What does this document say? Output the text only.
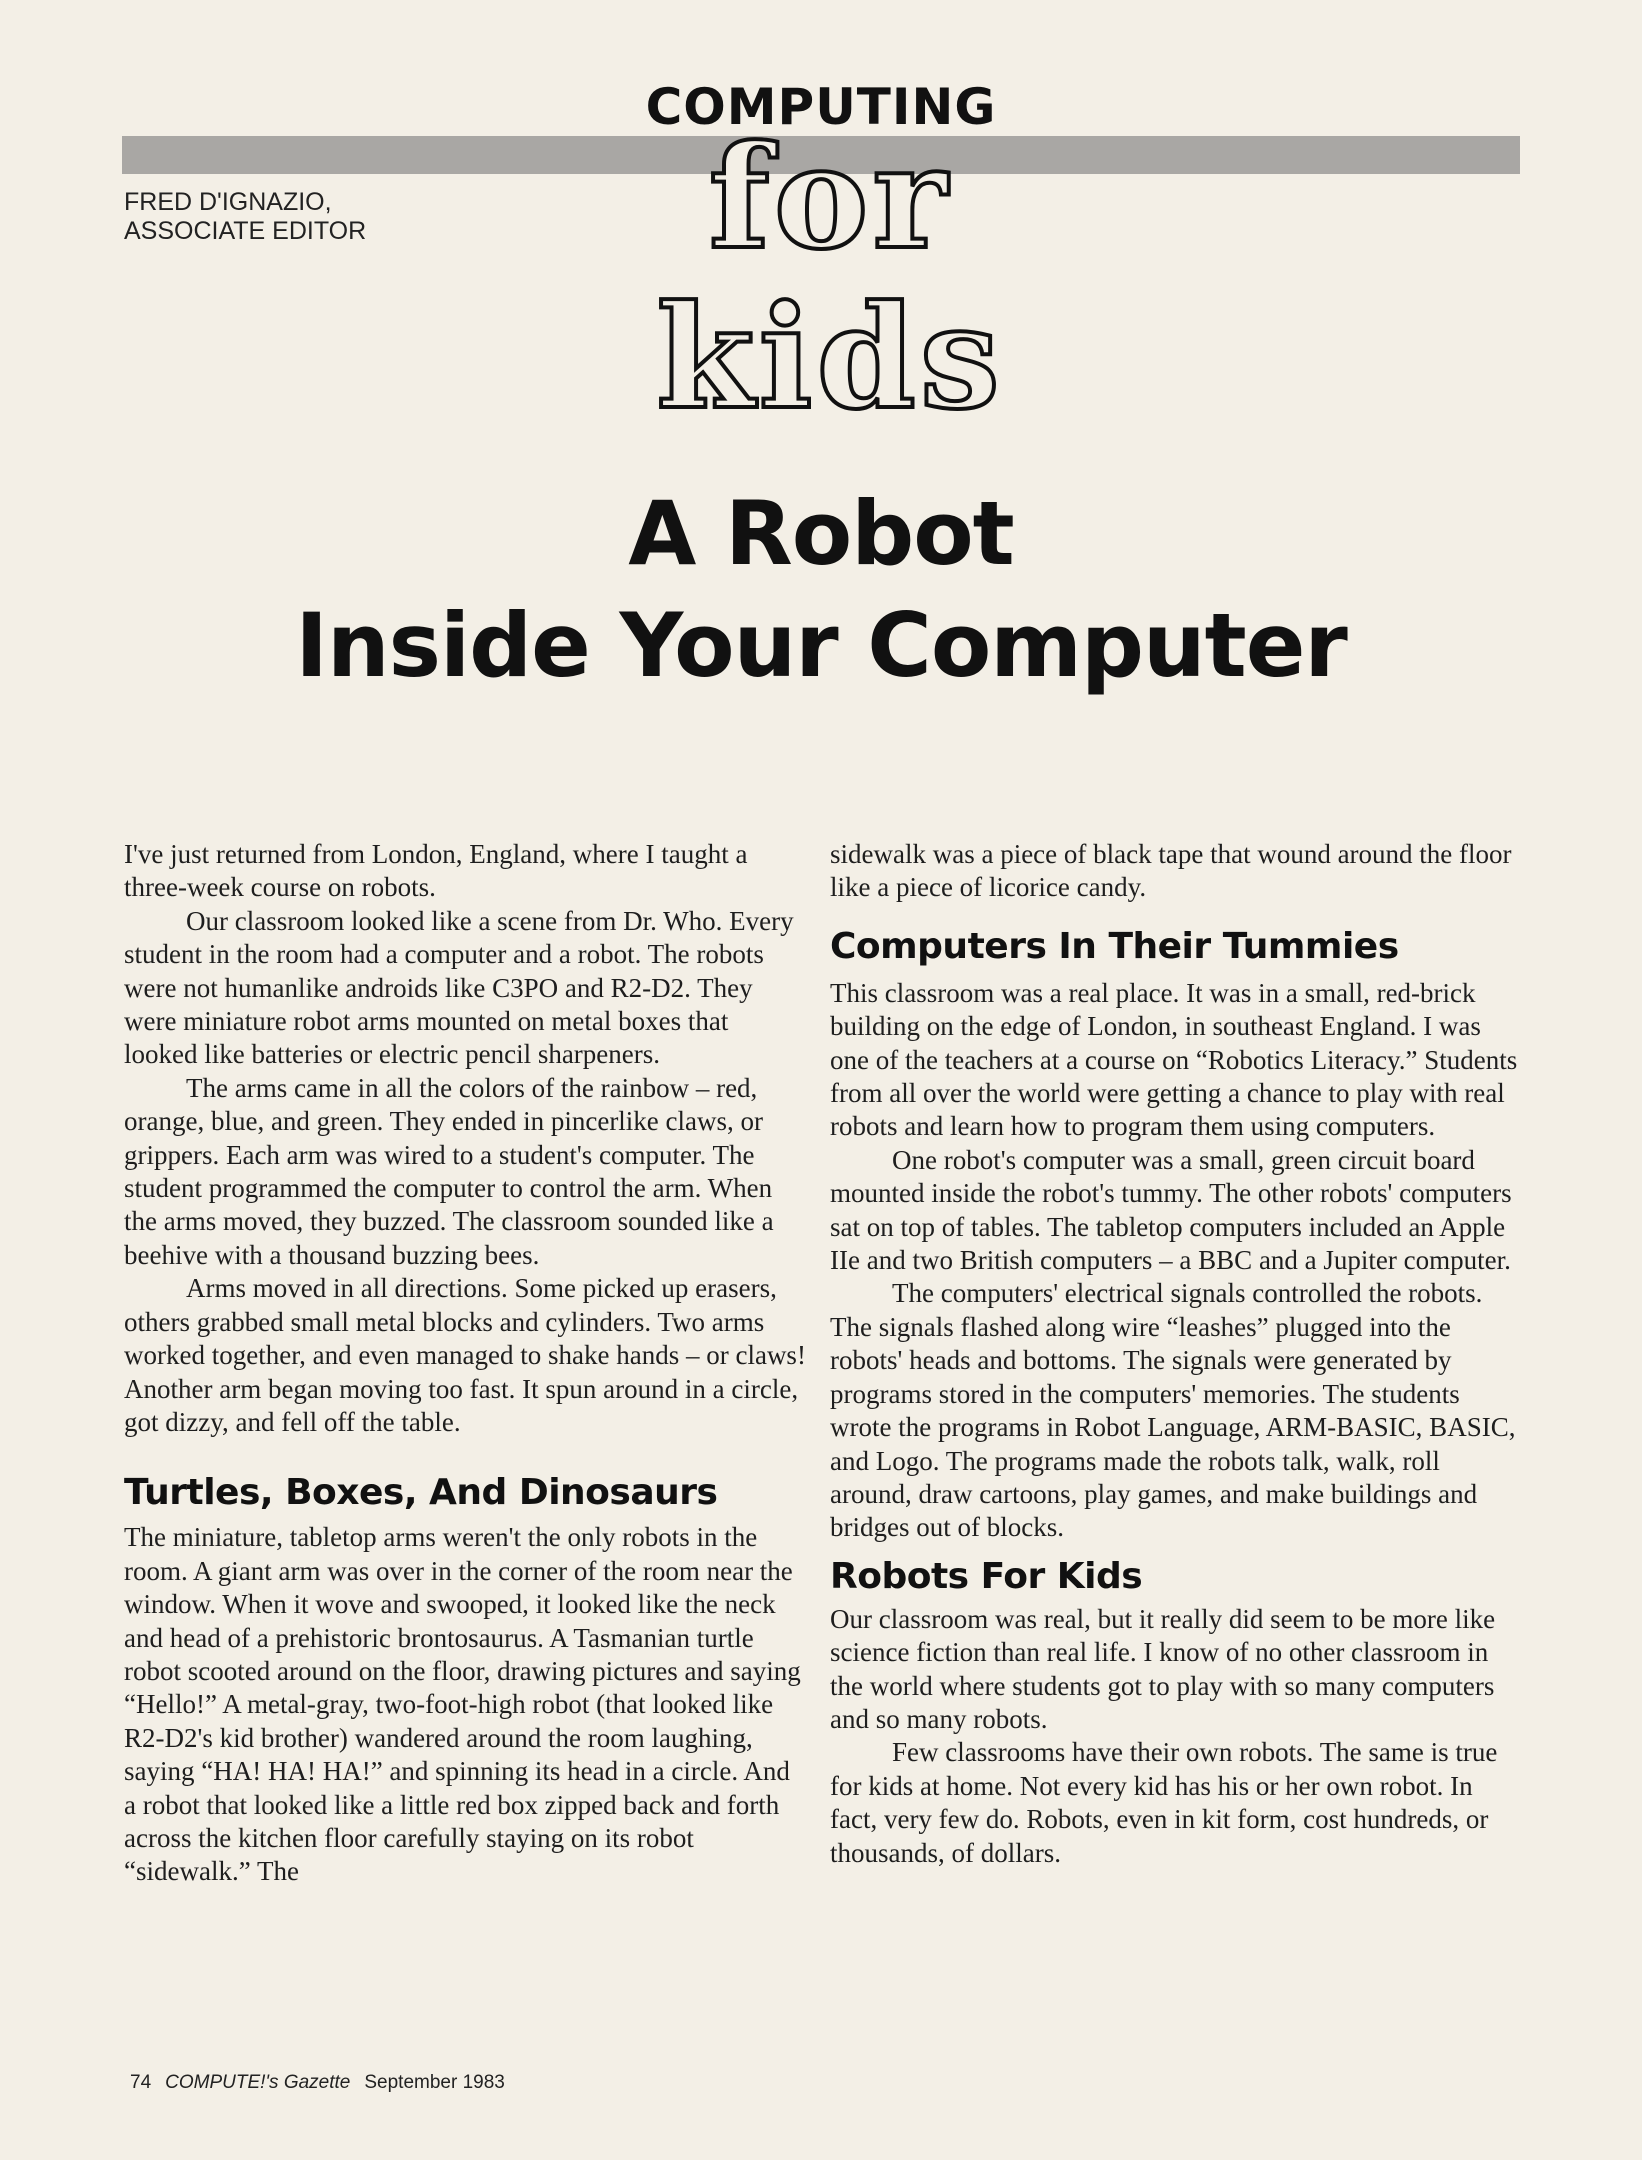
COMPUTING
FRED D'IGNAZIO,
ASSOCIATE EDITOR	for kids
A Robot
Inside Your Computer

I've just returned from London, England, where I taught a three-week course on robots.

Our classroom looked like a scene from Dr. Who. Every student in the room had a computer and a robot. The robots were not humanlike androids like C3PO and R2-D2. They were miniature robot arms mounted on metal boxes that looked like batteries or electric pencil sharpeners.

The arms came in all the colors of the rainbow – red, orange, blue, and green. They ended in pincerlike claws, or grippers. Each arm was wired to a student's computer. The student programmed the computer to control the arm. When the arms moved, they buzzed. The classroom sounded like a beehive with a thousand buzzing bees.

Arms moved in all directions. Some picked up erasers, others grabbed small metal blocks and cylinders. Two arms worked together, and even managed to shake hands – or claws! Another arm began moving too fast. It spun around in a circle, got dizzy, and fell off the table.

Turtles, Boxes, And Dinosaurs

The miniature, tabletop arms weren't the only robots in the room. A giant arm was over in the corner of the room near the window. When it wove and swooped, it looked like the neck and head of a prehistoric brontosaurus. A Tasmanian turtle robot scooted around on the floor, drawing pictures and saying “Hello!” A metal-gray, two-foot-high robot (that looked like R2-D2's kid brother) wandered around the room laughing, saying “HA! HA! HA!” and spinning its head in a circle. And a robot that looked like a little red box zipped back and forth across the kitchen floor carefully staying on its robot “sidewalk.” The

sidewalk was a piece of black tape that wound around the floor like a piece of licorice candy.

Computers In Their Tummies

This classroom was a real place. It was in a small, red-brick building on the edge of London, in southeast England. I was one of the teachers at a course on “Robotics Literacy.” Students from all over the world were getting a chance to play with real robots and learn how to program them using computers.

One robot's computer was a small, green circuit board mounted inside the robot's tummy. The other robots' computers sat on top of tables. The tabletop computers included an Apple IIe and two British computers – a BBC and a Jupiter computer.

The computers' electrical signals controlled the robots. The signals flashed along wire “leashes” plugged into the robots' heads and bottoms. The signals were generated by programs stored in the computers' memories. The students wrote the programs in Robot Language, ARM-BASIC, BASIC, and Logo. The programs made the robots talk, walk, roll around, draw cartoons, play games, and make buildings and bridges out of blocks.

Robots For Kids

Our classroom was real, but it really did seem to be more like science fiction than real life. I know of no other classroom in the world where students got to play with so many computers and so many robots.

Few classrooms have their own robots. The same is true for kids at home. Not every kid has his or her own robot. In fact, very few do. Robots, even in kit form, cost hundreds, or thousands, of dollars.

74 COMPUTE!'s Gazette September 1983
